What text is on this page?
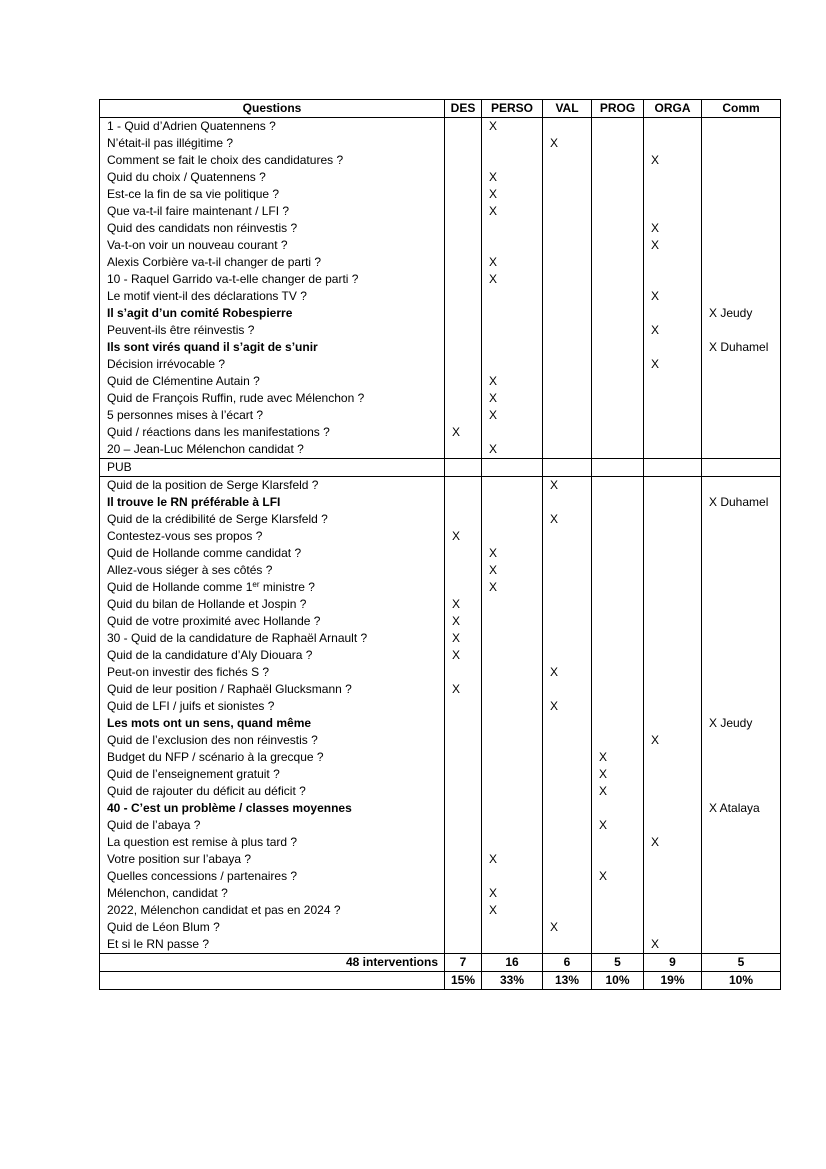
Questions	DES	PERSO	VAL	PROG	ORGA	Comm
1 - Quid d’Adrien Quatennens ?		X				
N’était-il pas illégitime ?			X			
Comment se fait le choix des candidatures ?					X	
Quid du choix / Quatennens ?		X				
Est-ce la fin de sa vie politique ?		X				
Que va-t-il faire maintenant / LFI ?		X				
Quid des candidats non réinvestis ?					X	
Va-t-on voir un nouveau courant ?					X	
Alexis Corbière va-t-il changer de parti ?		X				
10 - Raquel Garrido va-t-elle changer de parti ?		X				
Le motif vient-il des déclarations TV ?					X	
Il s’agit d’un comité Robespierre						X Jeudy
Peuvent-ils être réinvestis ?					X	
Ils sont virés quand il s’agit de s’unir						X Duhamel
Décision irrévocable ?					X	
Quid de Clémentine Autain ?		X				
Quid de François Ruffin, rude avec Mélenchon ?		X				
5 personnes mises à l’écart ?		X				
Quid / réactions dans les manifestations ?	X					
20 – Jean-Luc Mélenchon candidat ?		X				
PUB						
Quid de la position de Serge Klarsfeld ?			X			
Il trouve le RN préférable à LFI						X Duhamel
Quid de la crédibilité de Serge Klarsfeld ?			X			
Contestez-vous ses propos ?	X					
Quid de Hollande comme candidat ?		X				
Allez-vous siéger à ses côtés ?		X				
Quid de Hollande comme 1er ministre ?		X				
Quid du bilan de Hollande et Jospin ?	X					
Quid de votre proximité avec Hollande ?	X					
30 - Quid de la candidature de Raphaël Arnault ?	X					
Quid de la candidature d’Aly Diouara ?	X					
Peut-on investir des fichés S ?			X			
Quid de leur position / Raphaël Glucksmann ?	X					
Quid de LFI / juifs et sionistes ?			X			
Les mots ont un sens, quand même						X Jeudy
Quid de l’exclusion des non réinvestis ?					X	
Budget du NFP / scénario à la grecque ?				X		
Quid de l’enseignement gratuit ?				X		
Quid de rajouter du déficit au déficit ?				X		
40 - C’est un problème / classes moyennes						X Atalaya
Quid de l’abaya ?				X		
La question est remise à plus tard ?					X	
Votre position sur l’abaya ?		X				
Quelles concessions / partenaires ?				X		
Mélenchon, candidat ?		X				
2022, Mélenchon candidat et pas en 2024 ?		X				
Quid de Léon Blum ?			X			
Et si le RN passe ?					X	
48 interventions	7	16	6	5	9	5
	15%	33%	13%	10%	19%	10%
